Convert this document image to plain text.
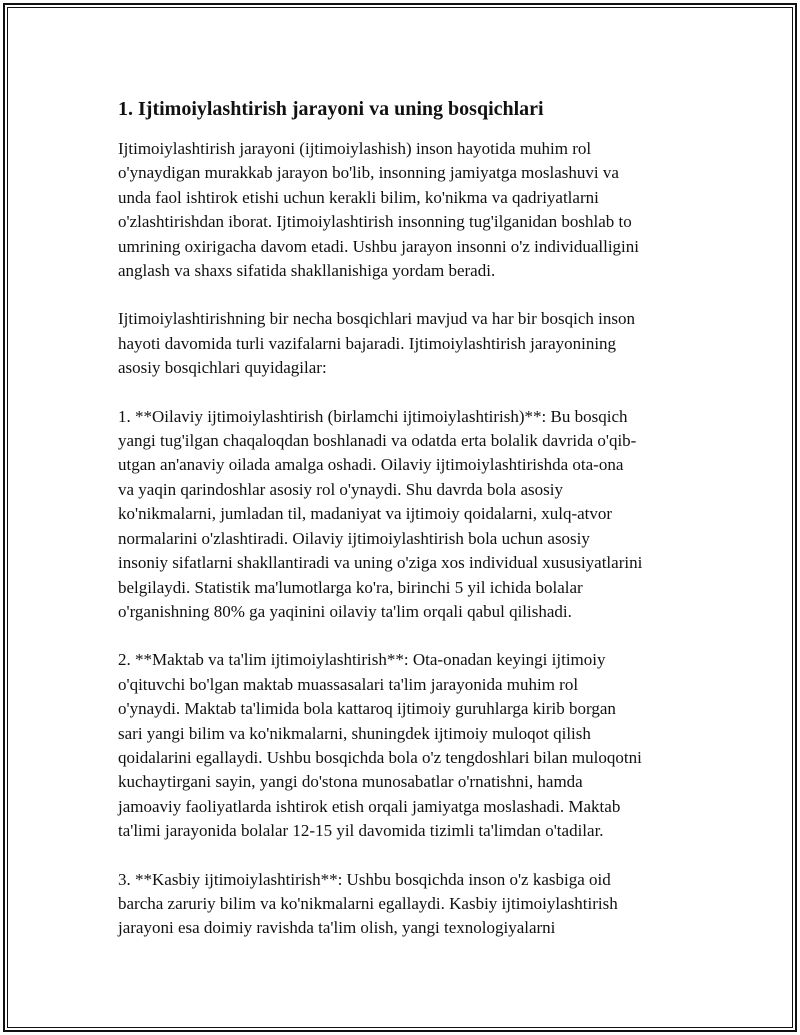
1. Ijtimoiylashtirish jarayoni va uning bosqichlari

Ijtimoiylashtirish jarayoni (ijtimoiylashish) inson hayotida muhim rol
o'ynaydigan murakkab jarayon bo'lib, insonning jamiyatga moslashuvi va
unda faol ishtirok etishi uchun kerakli bilim, ko'nikma va qadriyatlarni
o'zlashtirishdan iborat. Ijtimoiylashtirish insonning tug'ilganidan boshlab to
umrining oxirigacha davom etadi. Ushbu jarayon insonni o'z individualligini
anglash va shaxs sifatida shakllanishiga yordam beradi.

Ijtimoiylashtirishning bir necha bosqichlari mavjud va har bir bosqich inson
hayoti davomida turli vazifalarni bajaradi. Ijtimoiylashtirish jarayonining
asosiy bosqichlari quyidagilar:

1. **Oilaviy ijtimoiylashtirish (birlamchi ijtimoiylashtirish)**: Bu bosqich
yangi tug'ilgan chaqaloqdan boshlanadi va odatda erta bolalik davrida o'qib-
utgan an'anaviy oilada amalga oshadi. Oilaviy ijtimoiylashtirishda ota-ona
va yaqin qarindoshlar asosiy rol o'ynaydi. Shu davrda bola asosiy
ko'nikmalarni, jumladan til, madaniyat va ijtimoiy qoidalarni, xulq-atvor
normalarini o'zlashtiradi. Oilaviy ijtimoiylashtirish bola uchun asosiy
insoniy sifatlarni shakllantiradi va uning o'ziga xos individual xususiyatlarini
belgilaydi. Statistik ma'lumotlarga ko'ra, birinchi 5 yil ichida bolalar
o'rganishning 80% ga yaqinini oilaviy ta'lim orqali qabul qilishadi.

2. **Maktab va ta'lim ijtimoiylashtirish**: Ota-onadan keyingi ijtimoiy
o'qituvchi bo'lgan maktab muassasalari ta'lim jarayonida muhim rol
o'ynaydi. Maktab ta'limida bola kattaroq ijtimoiy guruhlarga kirib borgan
sari yangi bilim va ko'nikmalarni, shuningdek ijtimoiy muloqot qilish
qoidalarini egallaydi. Ushbu bosqichda bola o'z tengdoshlari bilan muloqotni
kuchaytirgani sayin, yangi do'stona munosabatlar o'rnatishni, hamda
jamoaviy faoliyatlarda ishtirok etish orqali jamiyatga moslashadi. Maktab
ta'limi jarayonida bolalar 12-15 yil davomida tizimli ta'limdan o'tadilar.

3. **Kasbiy ijtimoiylashtirish**: Ushbu bosqichda inson o'z kasbiga oid
barcha zaruriy bilim va ko'nikmalarni egallaydi. Kasbiy ijtimoiylashtirish
jarayoni esa doimiy ravishda ta'lim olish, yangi texnologiyalarni
